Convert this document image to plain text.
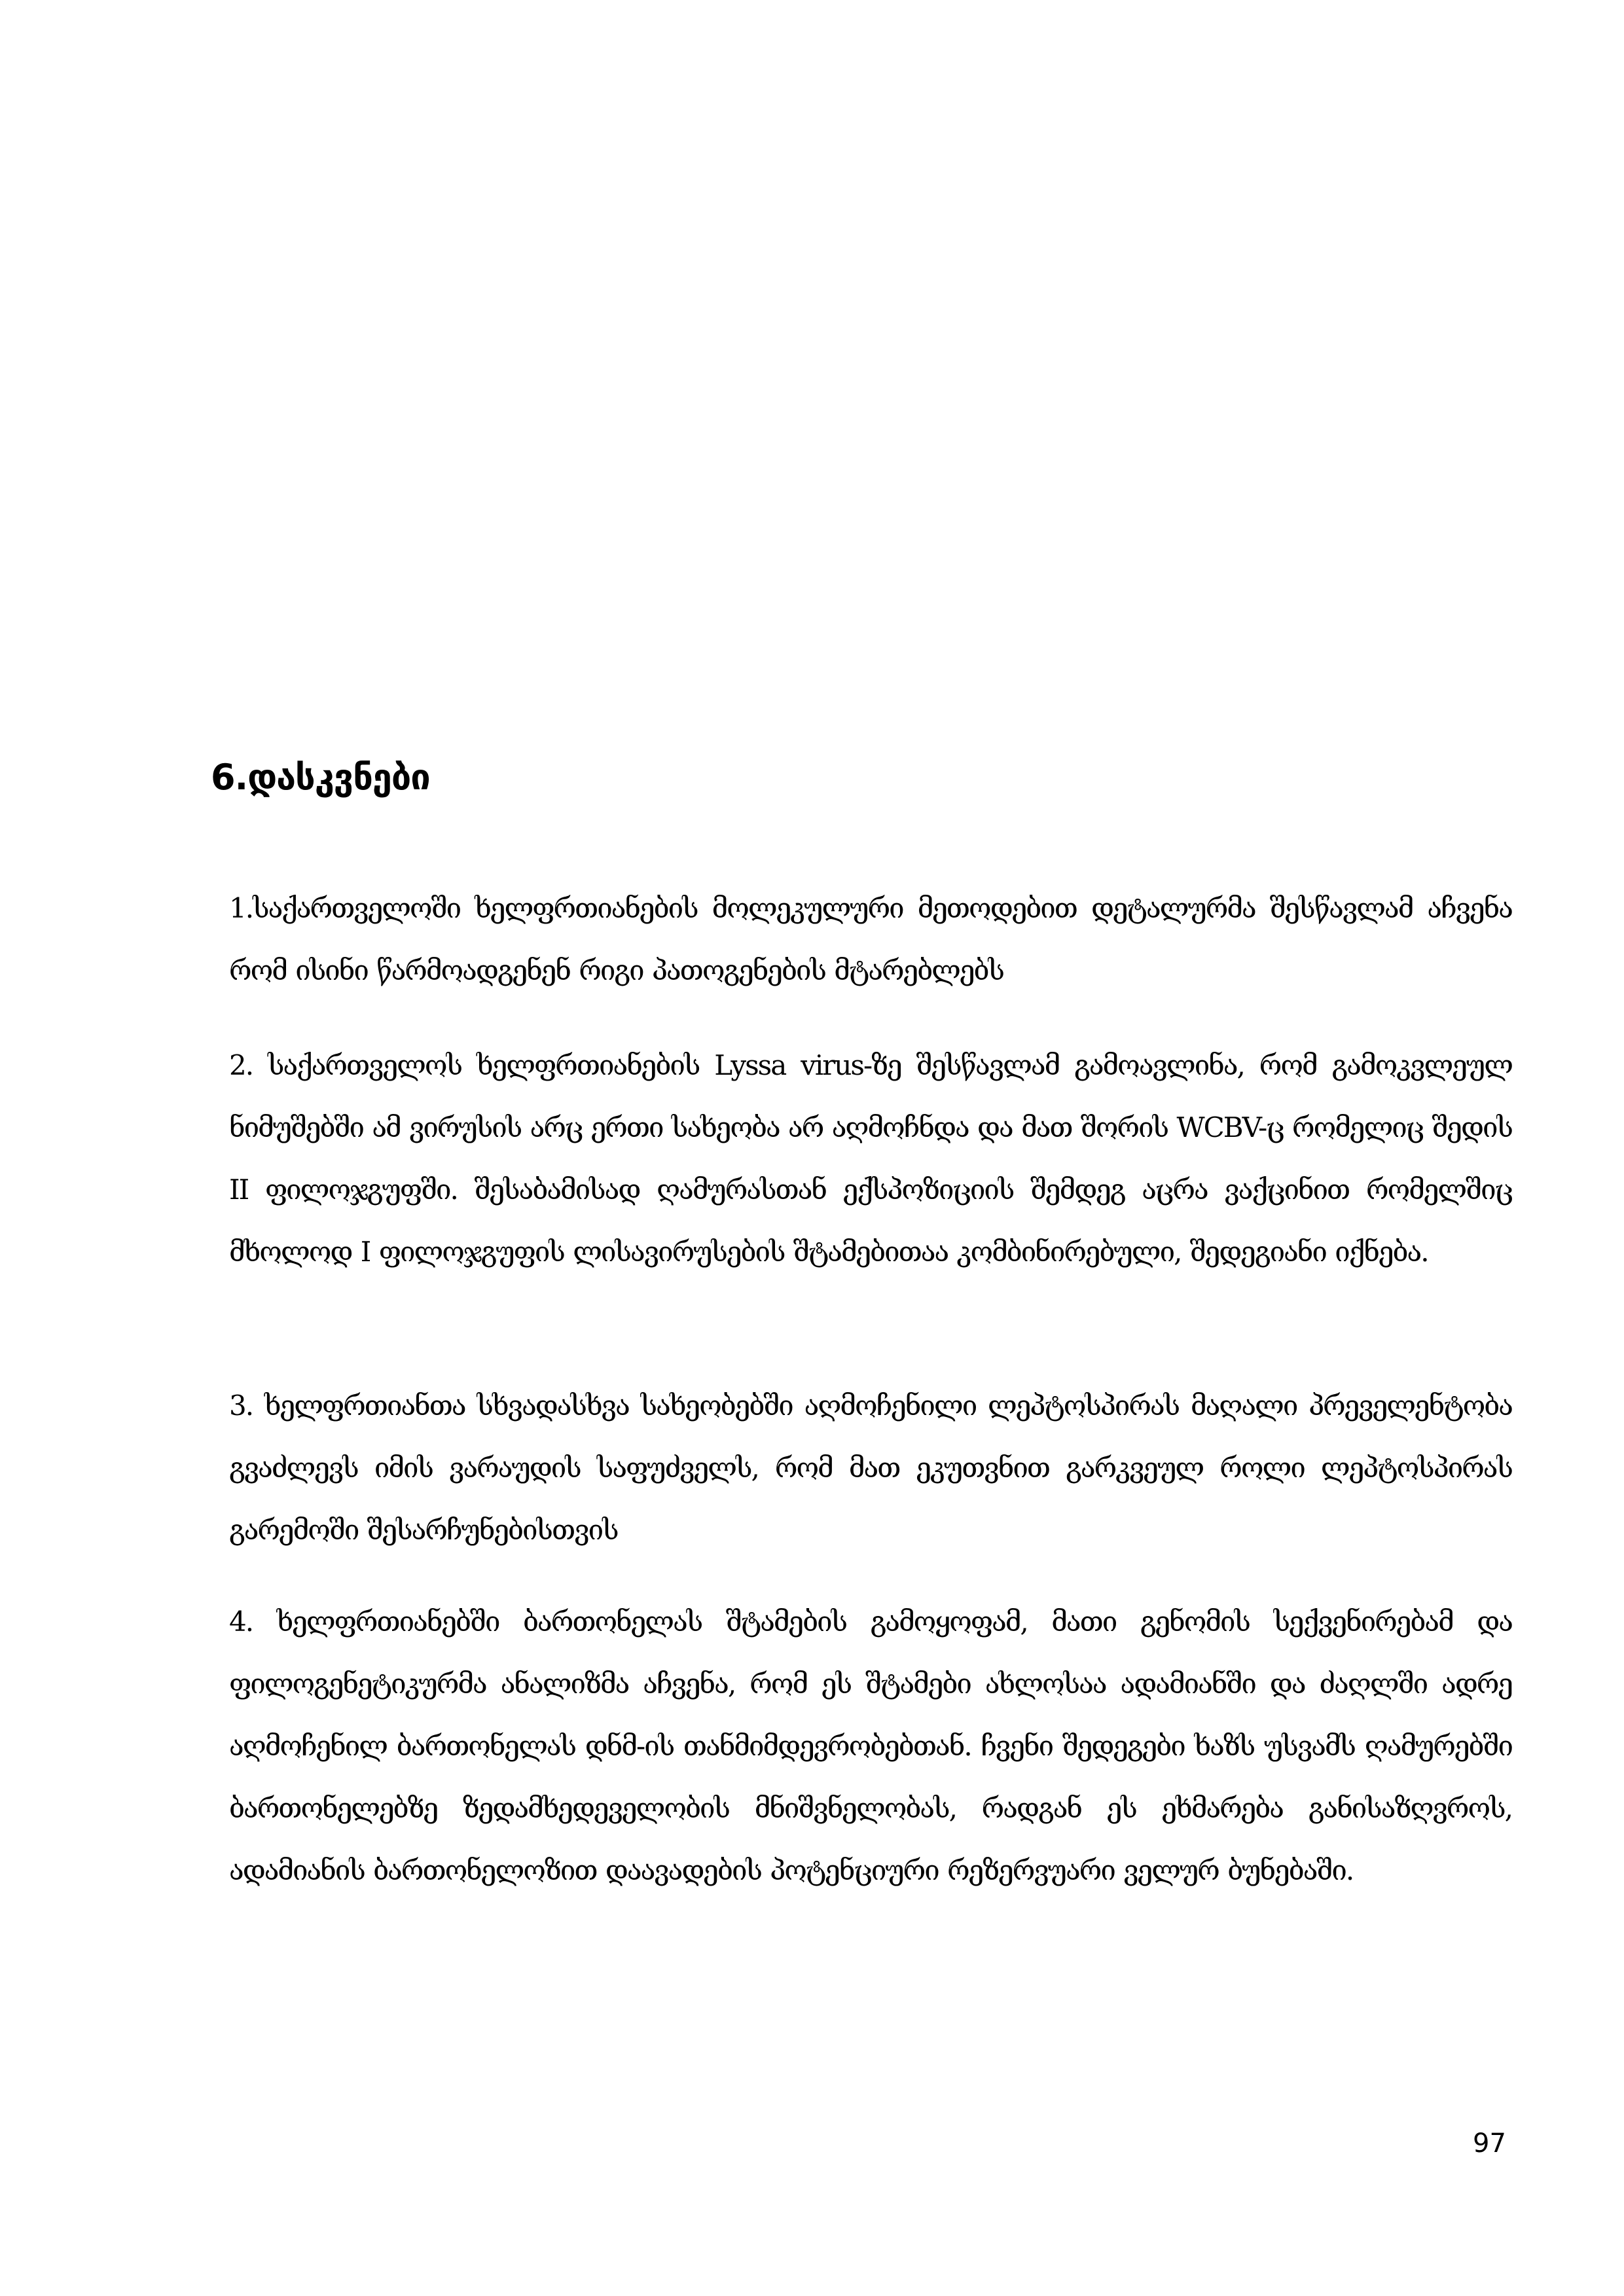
6.დასკვნები

1.საქართველოში ხელფრთიანების მოლეკულური მეთოდებით დეტალურმა შესწავლამ აჩვენა რომ ისინი წარმოადგენენ რიგი პათოგენების მტარებლებს

2. საქართველოს ხელფრთიანების Lyssa virus-ზე შესწავლამ გამოავლინა, რომ გამოკვლეულ ნიმუშებში ამ ვირუსის არც ერთი სახეობა არ აღმოჩნდა და მათ შორის WCBV-ც რომელიც შედის II ფილოჯგუფში. შესაბამისად ღამურასთან ექსპოზიციის შემდეგ აცრა ვაქცინით რომელშიც მხოლოდ I ფილოჯგუფის ლისავირუსების შტამებითაა კომბინირებული, შედეგიანი იქნება.

3. ხელფრთიანთა სხვადასხვა სახეობებში აღმოჩენილი ლეპტოსპირას მაღალი პრეველენტობა გვაძლევს იმის ვარაუდის საფუძველს, რომ მათ ეკუთვნით გარკვეულ როლი ლეპტოსპირას გარემოში შესარჩუნებისთვის

4. ხელფრთიანებში ბართონელას შტამების გამოყოფამ, მათი გენომის სექვენირებამ და ფილოგენეტიკურმა ანალიზმა აჩვენა, რომ ეს შტამები ახლოსაა ადამიანში და ძაღლში ადრე აღმოჩენილ ბართონელას დნმ-ის თანმიმდევრობებთან. ჩვენი შედეგები ხაზს უსვამს ღამურებში ბართონელებზე ზედამხედეველობის მნიშვნელობას, რადგან ეს ეხმარება განისაზღვროს, ადამიანის ბართონელოზით დაავადების პოტენციური რეზერვუარი ველურ ბუნებაში.

97
